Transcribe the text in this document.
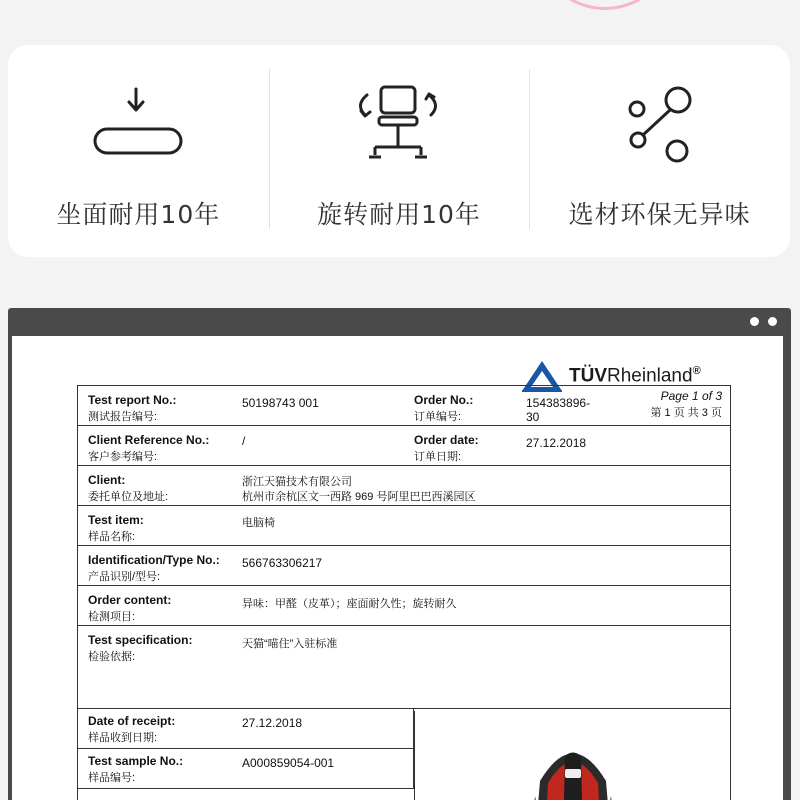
坐面耐用10年	旋转耐用10年	选材环保无异味
TÜVRheinland®
Test report No.:
测试报告编号:
50198743 001	Order No.:
订单编号:
154383896-
30
Page 1 of 3
第 1 页 共 3 页
Client Reference No.:
客户参考编号:
/	Order date:
订单日期:
27.12.2018
Client:
委托单位及地址:
浙江天猫技术有限公司
杭州市余杭区文一西路 969 号阿里巴巴西溪园区
Test item:
样品名称:
电脑椅
Identification/Type No.:
产品识别/型号:
566763306217
Order content:
检测项目:
异味：甲醛（皮革）；座面耐久性；旋转耐久
Test specification:
检验依据:
天猫“喵住”入驻标准
Date of receipt:
样品收到日期:
27.12.2018
Test sample No.:
样品编号:
A000859054-001
